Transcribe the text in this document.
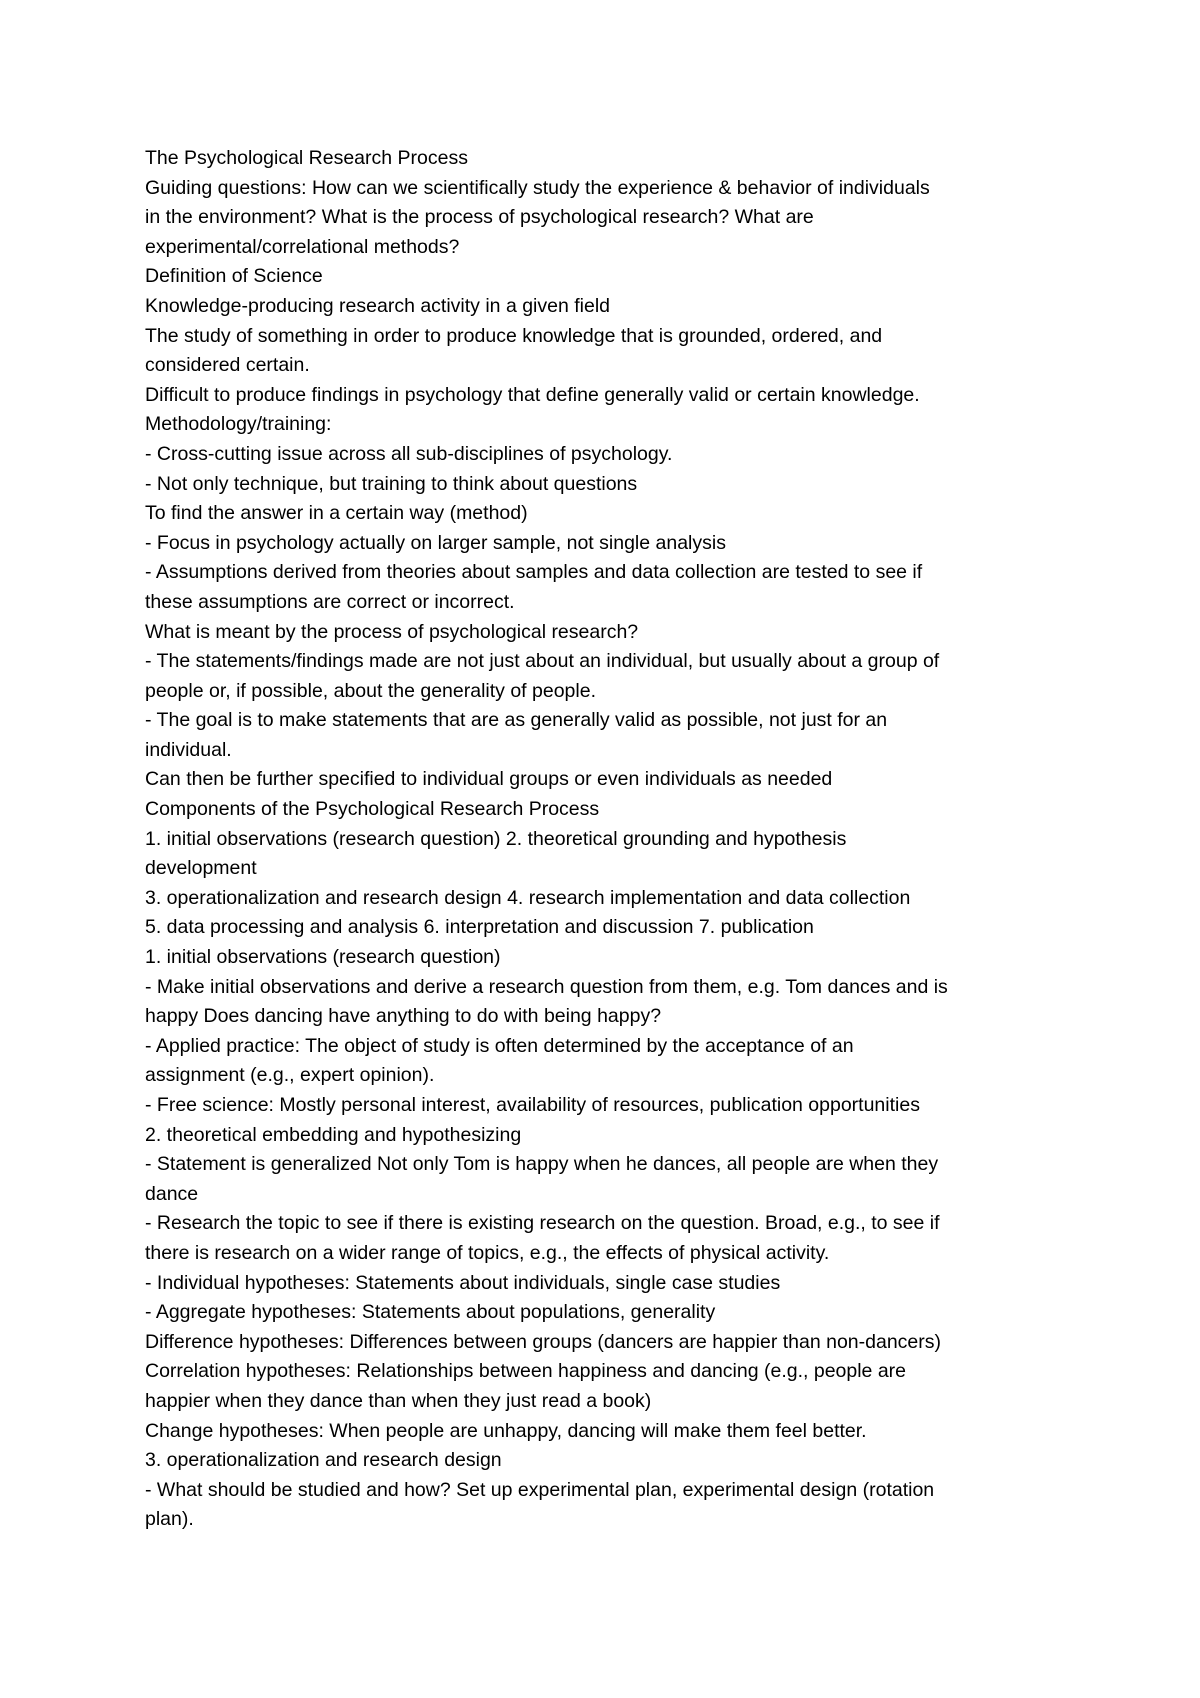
The Psychological Research Process
Guiding questions: How can we scientifically study the experience & behavior of individuals
in the environment? What is the process of psychological research? What are
experimental/correlational methods?
Definition of Science
Knowledge-producing research activity in a given field
The study of something in order to produce knowledge that is grounded, ordered, and
considered certain.
Difficult to produce findings in psychology that define generally valid or certain knowledge.
Methodology/training:
- Cross-cutting issue across all sub-disciplines of psychology.
- Not only technique, but training to think about questions
To find the answer in a certain way (method)
- Focus in psychology actually on larger sample, not single analysis
- Assumptions derived from theories about samples and data collection are tested to see if
these assumptions are correct or incorrect.
What is meant by the process of psychological research?
- The statements/findings made are not just about an individual, but usually about a group of
people or, if possible, about the generality of people.
- The goal is to make statements that are as generally valid as possible, not just for an
individual.
Can then be further specified to individual groups or even individuals as needed
Components of the Psychological Research Process
1. initial observations (research question) 2. theoretical grounding and hypothesis
development
3. operationalization and research design 4. research implementation and data collection
5. data processing and analysis 6. interpretation and discussion 7. publication
1. initial observations (research question)
- Make initial observations and derive a research question from them, e.g. Tom dances and is
happy Does dancing have anything to do with being happy?
- Applied practice: The object of study is often determined by the acceptance of an
assignment (e.g., expert opinion).
- Free science: Mostly personal interest, availability of resources, publication opportunities
2. theoretical embedding and hypothesizing
- Statement is generalized Not only Tom is happy when he dances, all people are when they
dance
- Research the topic to see if there is existing research on the question. Broad, e.g., to see if
there is research on a wider range of topics, e.g., the effects of physical activity.
- Individual hypotheses: Statements about individuals, single case studies
- Aggregate hypotheses: Statements about populations, generality
Difference hypotheses: Differences between groups (dancers are happier than non-dancers)
Correlation hypotheses: Relationships between happiness and dancing (e.g., people are
happier when they dance than when they just read a book)
Change hypotheses: When people are unhappy, dancing will make them feel better.
3. operationalization and research design
- What should be studied and how? Set up experimental plan, experimental design (rotation
plan).
